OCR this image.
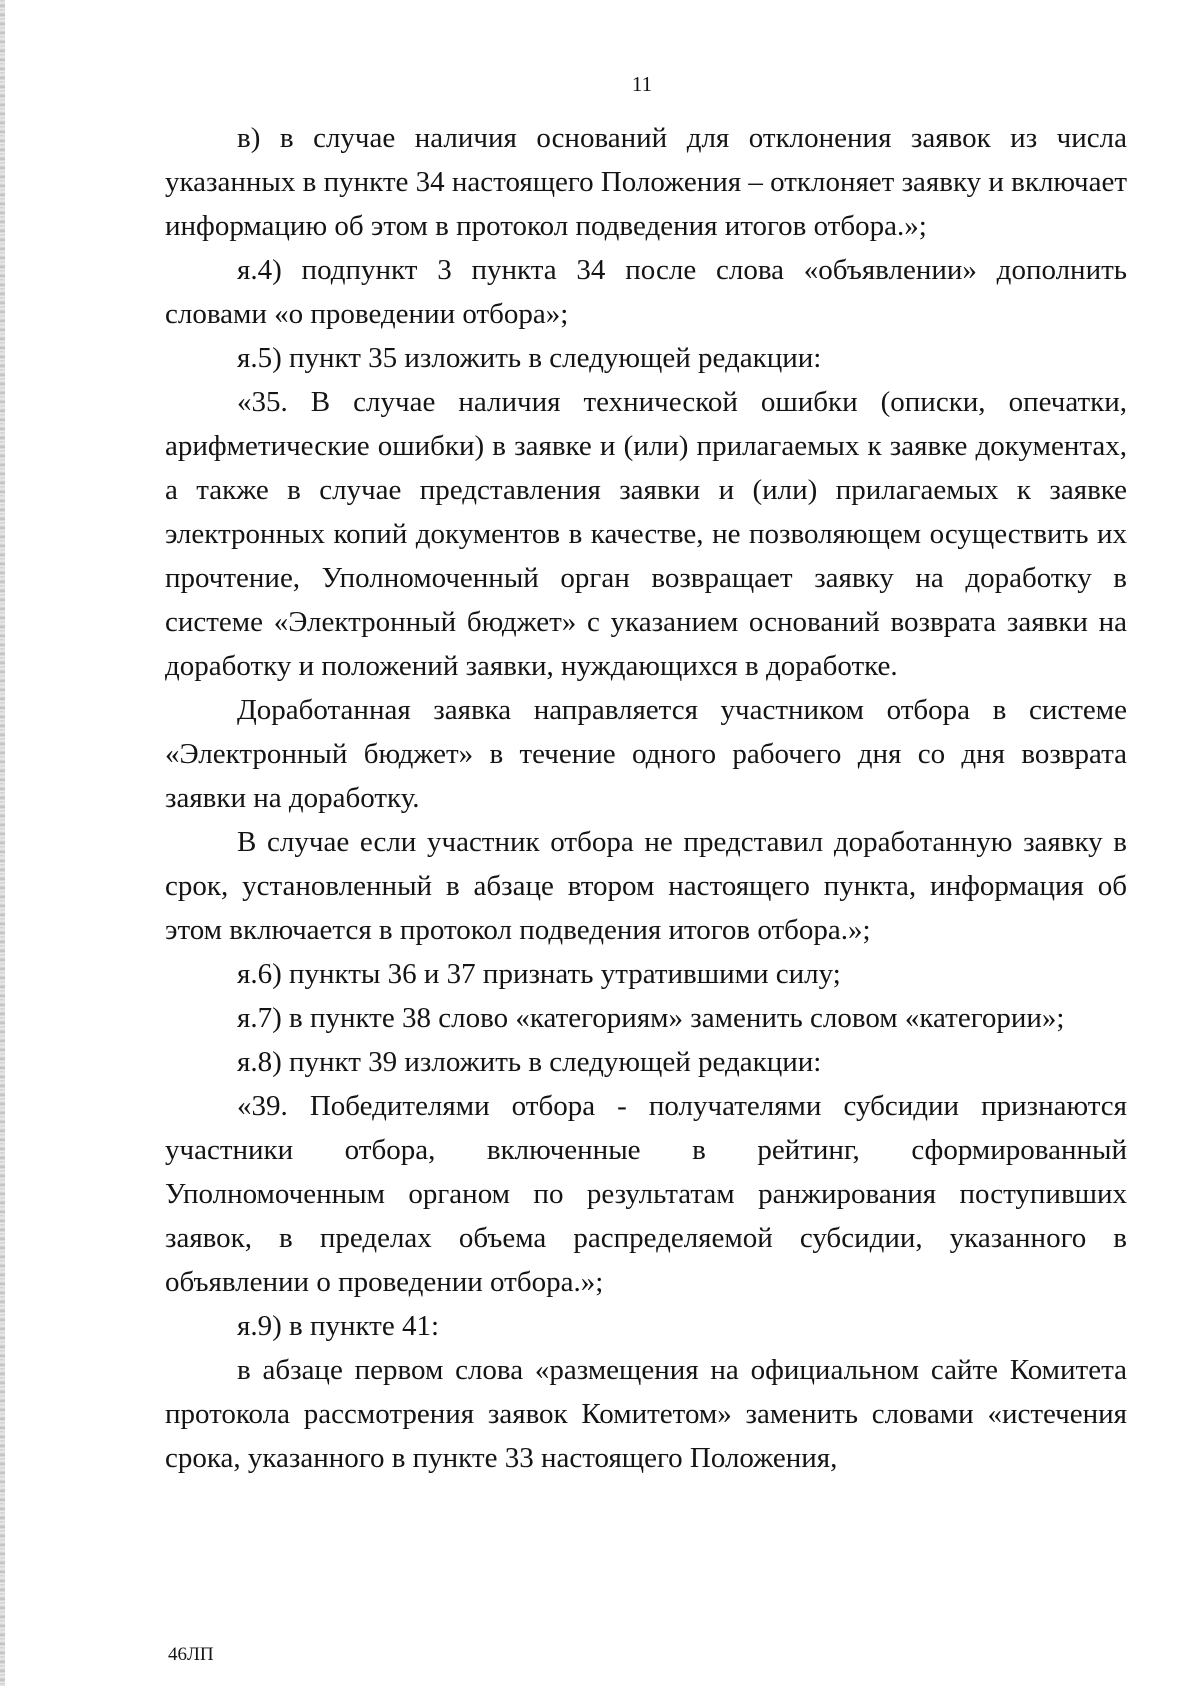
11

в) в случае наличия оснований для отклонения заявок из числа указанных в пункте 34 настоящего Положения – отклоняет заявку и включает информацию об этом в протокол подведения итогов отбора.»;

я.4) подпункт 3 пункта 34 после слова «объявлении» дополнить словами «о проведении отбора»;

я.5) пункт 35 изложить в следующей редакции:

«35. В случае наличия технической ошибки (описки, опечатки, арифметические ошибки) в заявке и (или) прилагаемых к заявке документах, а также в случае представления заявки и (или) прилагаемых к заявке электронных копий документов в качестве, не позволяющем осуществить их прочтение, Уполномоченный орган возвращает заявку на доработку в системе «Электронный бюджет» с указанием оснований возврата заявки на доработку и положений заявки, нуждающихся в доработке.

Доработанная заявка направляется участником отбора в системе «Электронный бюджет» в течение одного рабочего дня со дня возврата заявки на доработку.

В случае если участник отбора не представил доработанную заявку в срок, установленный в абзаце втором настоящего пункта, информация об этом включается в протокол подведения итогов отбора.»;

я.6) пункты 36 и 37 признать утратившими силу;

я.7) в пункте 38 слово «категориям» заменить словом «категории»;

я.8) пункт 39 изложить в следующей редакции:

«39. Победителями отбора - получателями субсидии признаются участники отбора, включенные в рейтинг, сформированный Уполномоченным органом по результатам ранжирования поступивших заявок, в пределах объема распределяемой субсидии, указанного в объявлении о проведении отбора.»;

я.9) в пункте 41:

в абзаце первом слова «размещения на официальном сайте Комитета протокола рассмотрения заявок Комитетом» заменить словами «истечения срока, указанного в пункте 33 настоящего Положения,

46ЛП
